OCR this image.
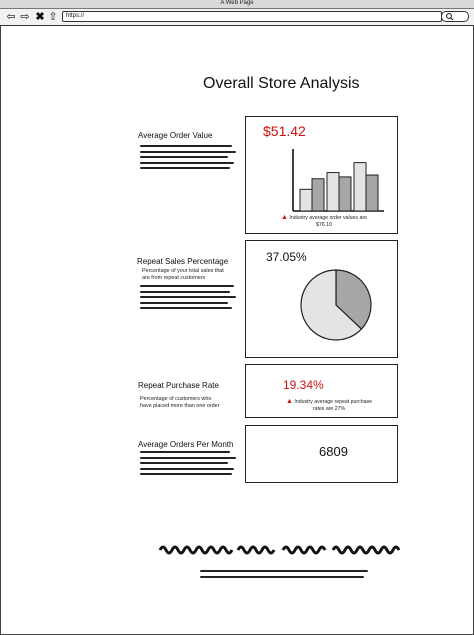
A Web Page
⇦ ⇨ ✖ ⇧	https://
Overall Store Analysis
Average Order Value	$51.42
▲ Industry average order values are $76.10
Repeat Sales Percentage
Percentage of your total sales that are from repeat customers
37.05%
Repeat Purchase Rate
Percentage of customers who have placed more than one order
19.34%
▲ Industry average repeat purchase rates are 27%
Average Orders Per Month	6809
